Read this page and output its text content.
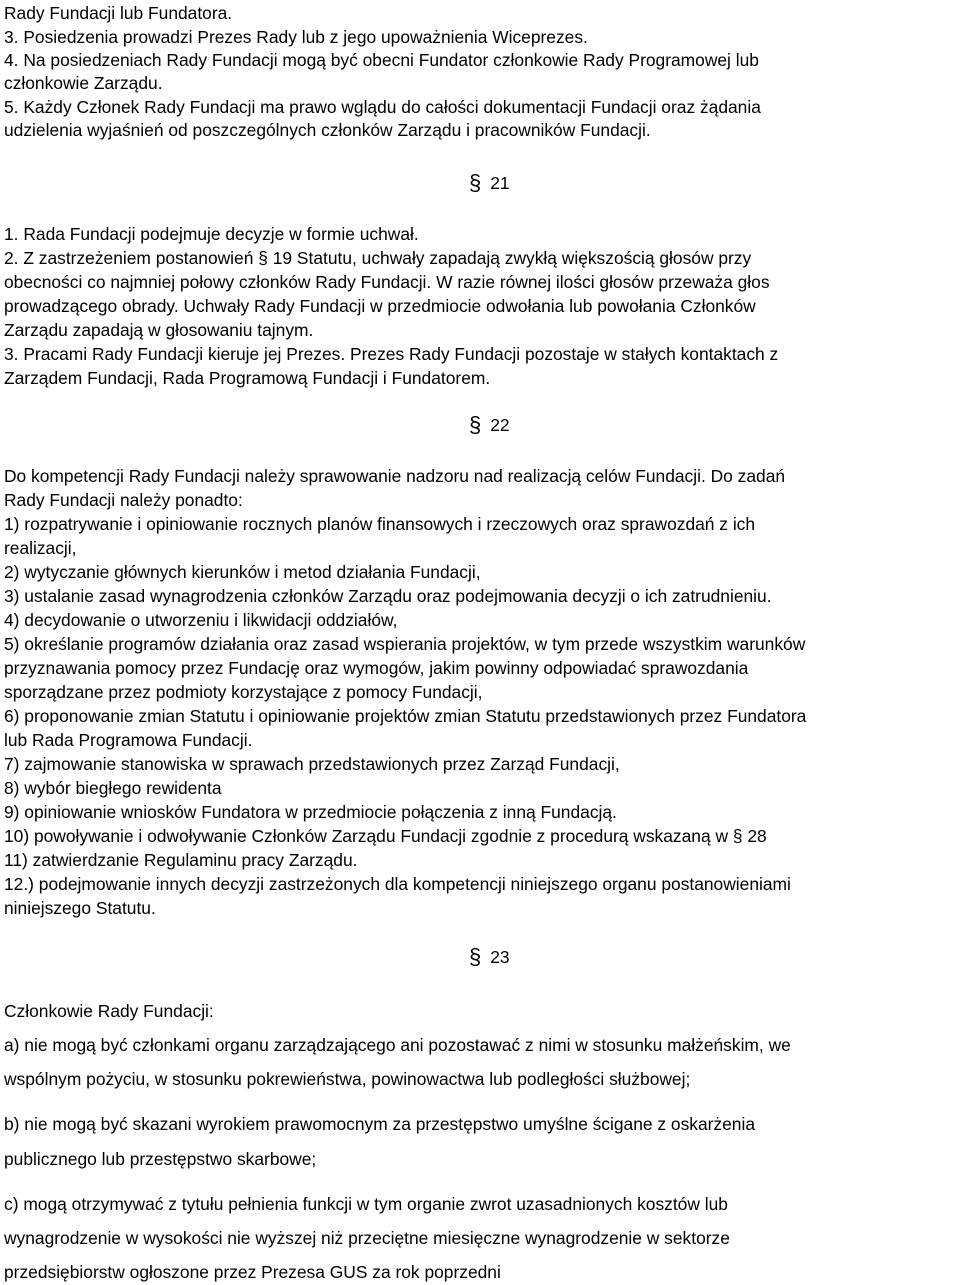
Rady Fundacji lub Fundatora.
3. Posiedzenia prowadzi Prezes Rady lub z jego upoważnienia Wiceprezes.
4. Na posiedzeniach Rady Fundacji mogą być obecni Fundator członkowie Rady Programowej lub
członkowie Zarządu.
5. Każdy Członek Rady Fundacji ma prawo wglądu do całości dokumentacji Fundacji oraz żądania
udzielenia wyjaśnień od poszczególnych członków Zarządu i pracowników Fundacji.
§ 21
1. Rada Fundacji podejmuje decyzje w formie uchwał.
2. Z zastrzeżeniem postanowień § 19 Statutu, uchwały zapadają zwykłą większością głosów przy
obecności co najmniej połowy członków Rady Fundacji. W razie równej ilości głosów przeważa głos
prowadzącego obrady. Uchwały Rady Fundacji w przedmiocie odwołania lub powołania Członków
Zarządu zapadają w głosowaniu tajnym.
3. Pracami Rady Fundacji kieruje jej Prezes. Prezes Rady Fundacji pozostaje w stałych kontaktach z
Zarządem Fundacji, Rada Programową Fundacji i Fundatorem.
§ 22
Do kompetencji Rady Fundacji należy sprawowanie nadzoru nad realizacją celów Fundacji. Do zadań
Rady Fundacji należy ponadto:
1) rozpatrywanie i opiniowanie rocznych planów finansowych i rzeczowych oraz sprawozdań z ich
realizacji,
2) wytyczanie głównych kierunków i metod działania Fundacji,
3) ustalanie zasad wynagrodzenia członków Zarządu oraz podejmowania decyzji o ich zatrudnieniu.
4) decydowanie o utworzeniu i likwidacji oddziałów,
5) określanie programów działania oraz zasad wspierania projektów, w tym przede wszystkim warunków
przyznawania pomocy przez Fundację oraz wymogów, jakim powinny odpowiadać sprawozdania
sporządzane przez podmioty korzystające z pomocy Fundacji,
6) proponowanie zmian Statutu i opiniowanie projektów zmian Statutu przedstawionych przez Fundatora
lub Rada Programowa Fundacji.
7) zajmowanie stanowiska w sprawach przedstawionych przez Zarząd Fundacji,
8) wybór biegłego rewidenta
9) opiniowanie wniosków Fundatora w przedmiocie połączenia z inną Fundacją.
10) powoływanie i odwoływanie Członków Zarządu Fundacji zgodnie z procedurą wskazaną w § 28
11) zatwierdzanie Regulaminu pracy Zarządu.
12.) podejmowanie innych decyzji zastrzeżonych dla kompetencji niniejszego organu postanowieniami
niniejszego Statutu.
§ 23
Członkowie Rady Fundacji:
a) nie mogą być członkami organu zarządzającego ani pozostawać z nimi w stosunku małżeńskim, we
wspólnym pożyciu, w stosunku pokrewieństwa, powinowactwa lub podległości służbowej;
b) nie mogą być skazani wyrokiem prawomocnym za przestępstwo umyślne ścigane z oskarżenia
publicznego lub przestępstwo skarbowe;
c) mogą otrzymywać z tytułu pełnienia funkcji w tym organie zwrot uzasadnionych kosztów lub
wynagrodzenie w wysokości nie wyższej niż przeciętne miesięczne wynagrodzenie w sektorze
przedsiębiorstw ogłoszone przez Prezesa GUS za rok poprzedni
